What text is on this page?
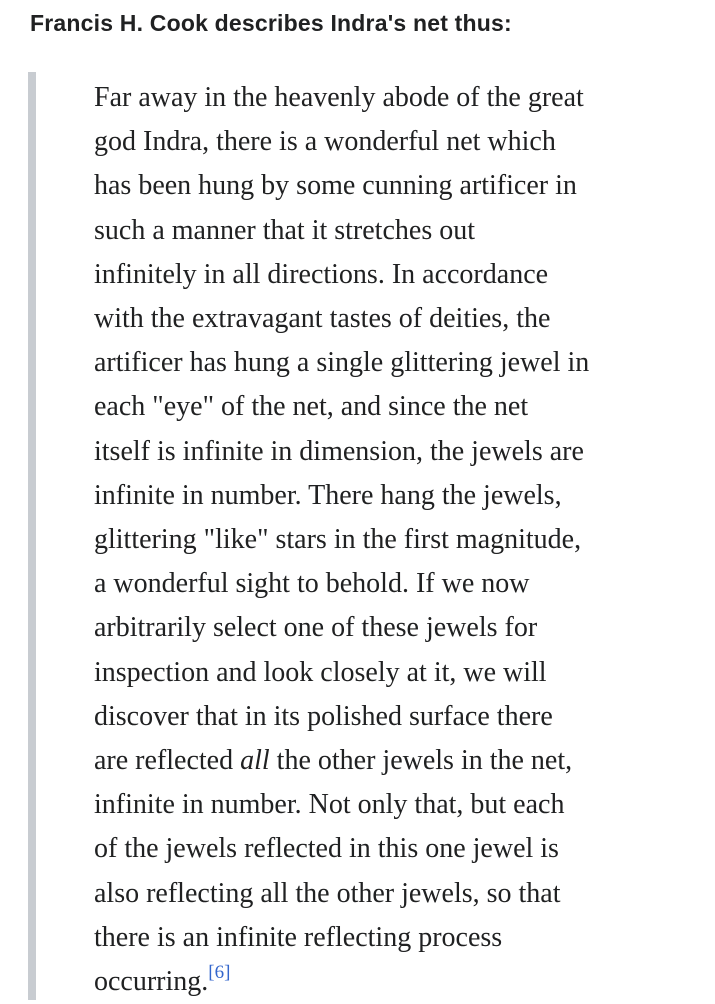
Francis H. Cook describes Indra's net thus:
Far away in the heavenly abode of the great
god Indra, there is a wonderful net which
has been hung by some cunning artificer in
such a manner that it stretches out
infinitely in all directions. In accordance
with the extravagant tastes of deities, the
artificer has hung a single glittering jewel in
each "eye" of the net, and since the net
itself is infinite in dimension, the jewels are
infinite in number. There hang the jewels,
glittering "like" stars in the first magnitude,
a wonderful sight to behold. If we now
arbitrarily select one of these jewels for
inspection and look closely at it, we will
discover that in its polished surface there
are reflected all the other jewels in the net,
infinite in number. Not only that, but each
of the jewels reflected in this one jewel is
also reflecting all the other jewels, so that
there is an infinite reflecting process
occurring.[6]
